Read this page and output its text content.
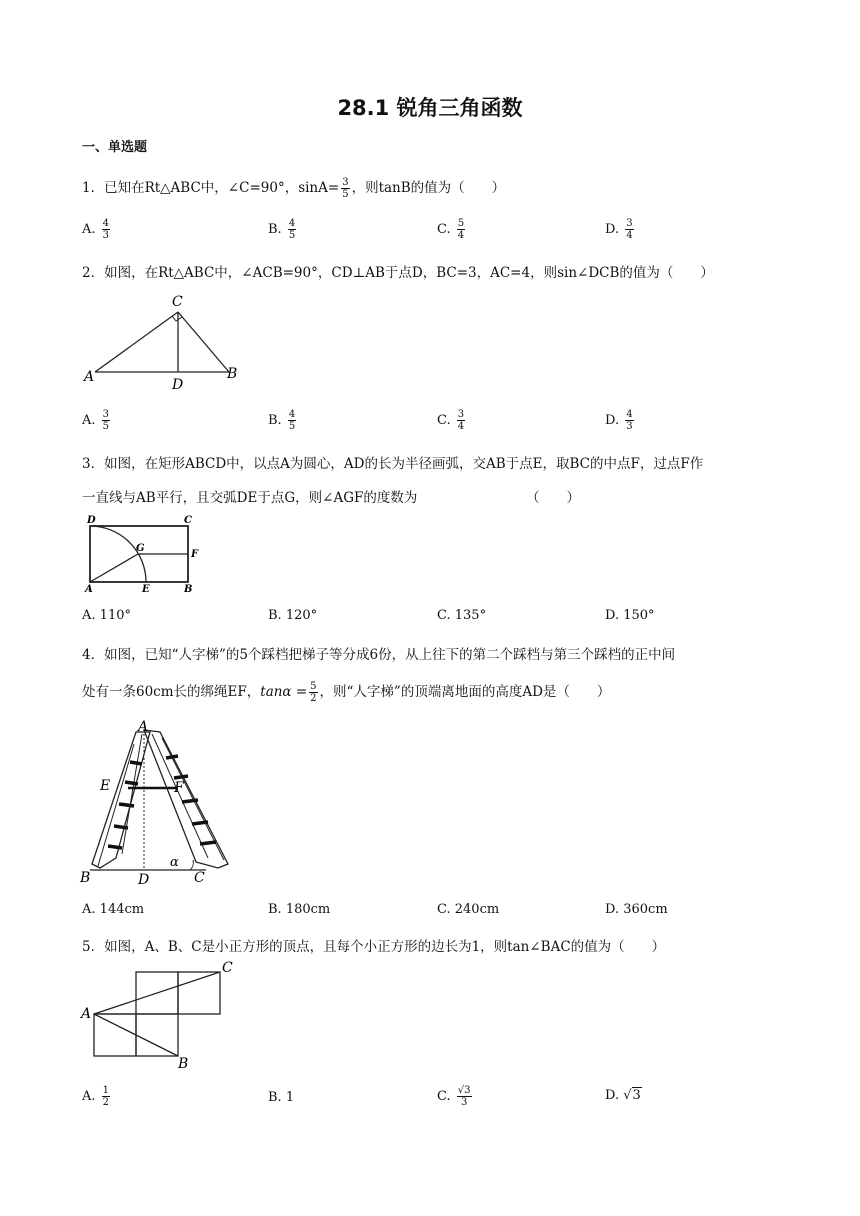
28.1 锐角三角函数
一、单选题
1．已知在Rt△ABC中，∠C=90°，$\sin A= \frac{3}{5}$ ，则tanB的值为（　　）
A. $\frac{4}{3}$	B. $\frac{4}{5}$	C. $\frac{5}{4}$	D. $\frac{3}{4}$
2．如图，在Rt△ABC中，∠ACB=90°，CD⊥AB于点D，BC=3，AC=4，则sin∠DCB的值为（　　）
A	B
C
D
A. $\frac{3}{5}$	B. $\frac{4}{5}$	C. $\frac{3}{4}$	D. $\frac{4}{3}$
3．如图，在矩形ABCD中，以点A为圆心，AD的长为半径画弧，交AB于点E，取BC的中点F，过点F作
一直线与AB平行，且交弧DE于点G，则∠AGF的度数为	（　　）
D	C
G
F
A	E	B
A. 110°	B. 120°	C. 135°	D. 150°
4．如图，已知“人字梯”的5个踩档把梯子等分成6份，从上往下的第二个踩档与第三个踩档的正中间
处有一条60cm长的绑绳EF，$\tan\alpha = \frac{5}{2}$ ，则“人字梯”的顶端离地面的高度AD是（　　）
A
E	F
B	D	C
α
A. 144cm	B. 180cm	C. 240cm	D. 360cm
5．如图，A、B、C是小正方形的顶点，且每个小正方形的边长为1，则tan∠BAC的值为（　　）
A
C
B
A. $\frac{1}{2}$	B. 1	C. $\frac{√3}{3}$	D. √3
